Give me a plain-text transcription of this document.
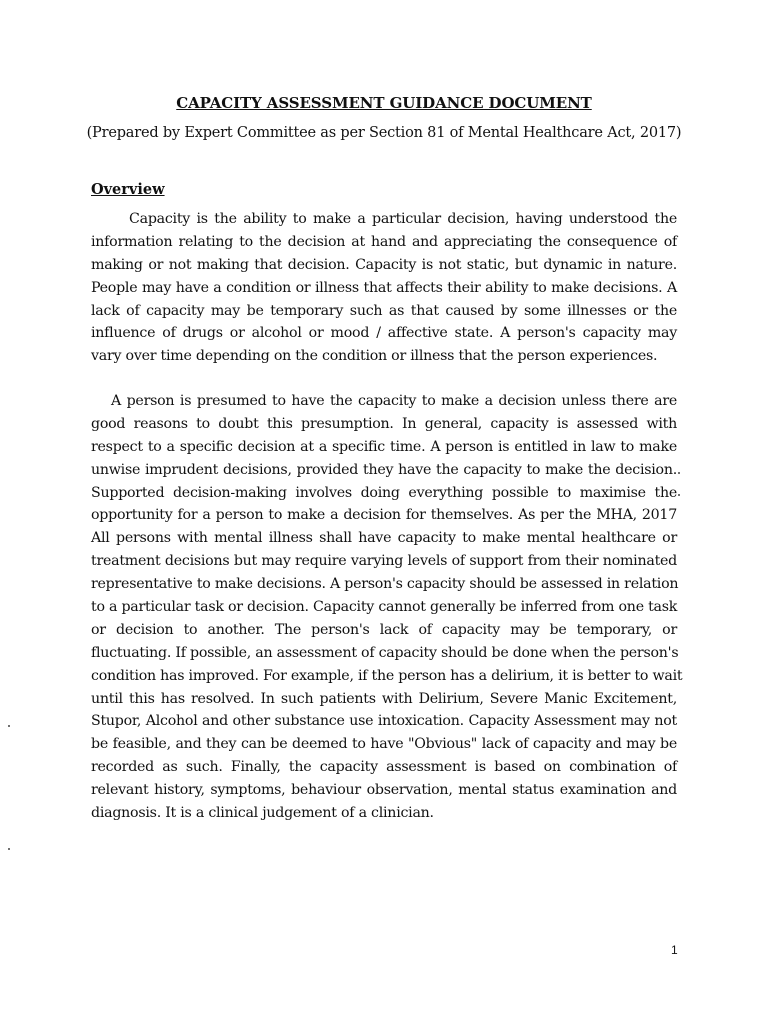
CAPACITY ASSESSMENT GUIDANCE DOCUMENT
(Prepared by Expert Committee as per Section 81 of Mental Healthcare Act, 2017)
Overview
Capacity is the ability to make a particular decision, having understood the
information relating to the decision at hand and appreciating the consequence of
making or not making that decision. Capacity is not static, but dynamic in nature.
People may have a condition or illness that affects their ability to make decisions. A
lack of capacity may be temporary such as that caused by some illnesses or the
influence of drugs or alcohol or mood / affective state. A person's capacity may
vary over time depending on the condition or illness that the person experiences.
A person is presumed to have the capacity to make a decision unless there are
good reasons to doubt this presumption. In general, capacity is assessed with
respect to a specific decision at a specific time. A person is entitled in law to make
unwise imprudent decisions, provided they have the capacity to make the decision.
Supported decision-making involves doing everything possible to maximise the
opportunity for a person to make a decision for themselves. As per the MHA, 2017
All persons with mental illness shall have capacity to make mental healthcare or
treatment decisions but may require varying levels of support from their nominated
representative to make decisions. A person's capacity should be assessed in relation
to a particular task or decision. Capacity cannot generally be inferred from one task
or decision to another. The person's lack of capacity may be temporary, or
fluctuating. If possible, an assessment of capacity should be done when the person's
condition has improved. For example, if the person has a delirium, it is better to wait
until this has resolved. In such patients with Delirium, Severe Manic Excitement,
Stupor, Alcohol and other substance use intoxication. Capacity Assessment may not
be feasible, and they can be deemed to have "Obvious" lack of capacity and may be
recorded as such. Finally, the capacity assessment is based on combination of
relevant history, symptoms, behaviour observation, mental status examination and
diagnosis. It is a clinical judgement of a clinician.
1
